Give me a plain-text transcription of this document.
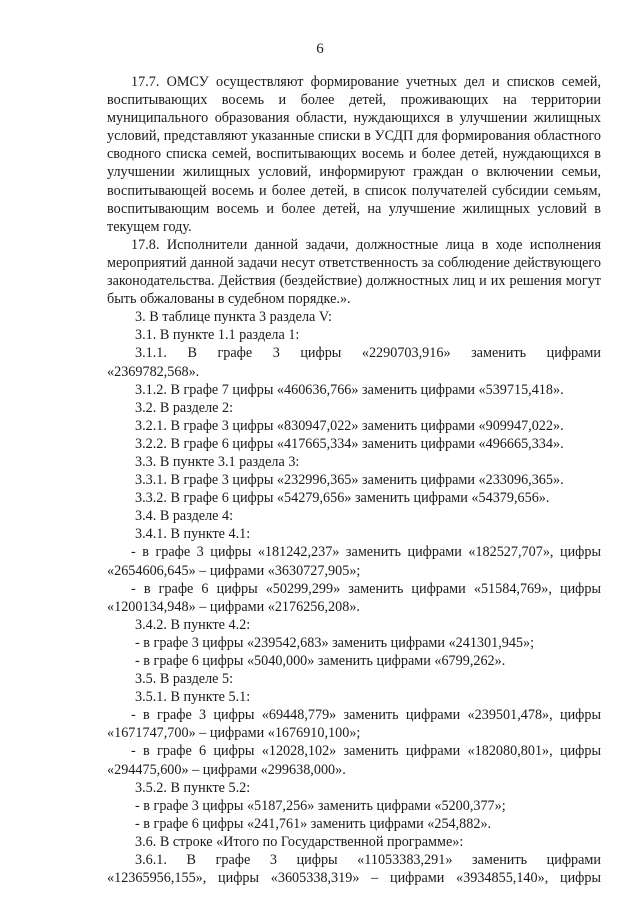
6

17.7. ОМСУ осуществляют формирование учетных дел и списков семей, воспитывающих восемь и более детей, проживающих на территории муниципального образования области, нуждающихся в улучшении жилищных условий, представляют указанные списки в УСДП для формирования областного сводного списка семей, воспитывающих восемь и более детей, нуждающихся в улучшении жилищных условий, информируют граждан о включении семьи, воспитывающей восемь и более детей, в список получателей субсидии семьям, воспитывающим восемь и более детей, на улучшение жилищных условий в текущем году.

17.8. Исполнители данной задачи, должностные лица в ходе исполнения мероприятий данной задачи несут ответственность за соблюдение действующего законодательства. Действия (бездействие) должностных лиц и их решения могут быть обжалованы в судебном порядке.».

3. В таблице пункта 3 раздела V:

3.1. В пункте 1.1 раздела 1:

3.1.1. В графе 3 цифры «2290703,916» заменить цифрами

«2369782,568».

3.1.2. В графе 7 цифры «460636,766» заменить цифрами «539715,418».

3.2. В разделе 2:

3.2.1. В графе 3 цифры «830947,022» заменить цифрами «909947,022».

3.2.2. В графе 6 цифры «417665,334» заменить цифрами «496665,334».

3.3. В пункте 3.1 раздела 3:

3.3.1. В графе 3 цифры «232996,365» заменить цифрами «233096,365».

3.3.2. В графе 6 цифры «54279,656» заменить цифрами «54379,656».

3.4. В разделе 4:

3.4.1. В пункте 4.1:

- в графе 3 цифры «181242,237» заменить цифрами «182527,707», цифры «2654606,645» – цифрами «3630727,905»;

- в графе 6 цифры «50299,299» заменить цифрами «51584,769», цифры «1200134,948» – цифрами «2176256,208».

3.4.2. В пункте 4.2:

- в графе 3 цифры «239542,683» заменить цифрами «241301,945»;

- в графе 6 цифры «5040,000» заменить цифрами «6799,262».

3.5. В разделе 5:

3.5.1. В пункте 5.1:

- в графе 3 цифры «69448,779» заменить цифрами «239501,478», цифры «1671747,700» – цифрами «1676910,100»;

- в графе 6 цифры «12028,102» заменить цифрами «182080,801», цифры «294475,600» – цифрами «299638,000».

3.5.2. В пункте 5.2:

- в графе 3 цифры «5187,256» заменить цифрами «5200,377»;

- в графе 6 цифры «241,761» заменить цифрами «254,882».

3.6. В строке «Итого по Государственной программе»:

3.6.1. В графе 3 цифры «11053383,291» заменить цифрами

«12365956,155», цифры «3605338,319» – цифрами «3934855,140», цифры
